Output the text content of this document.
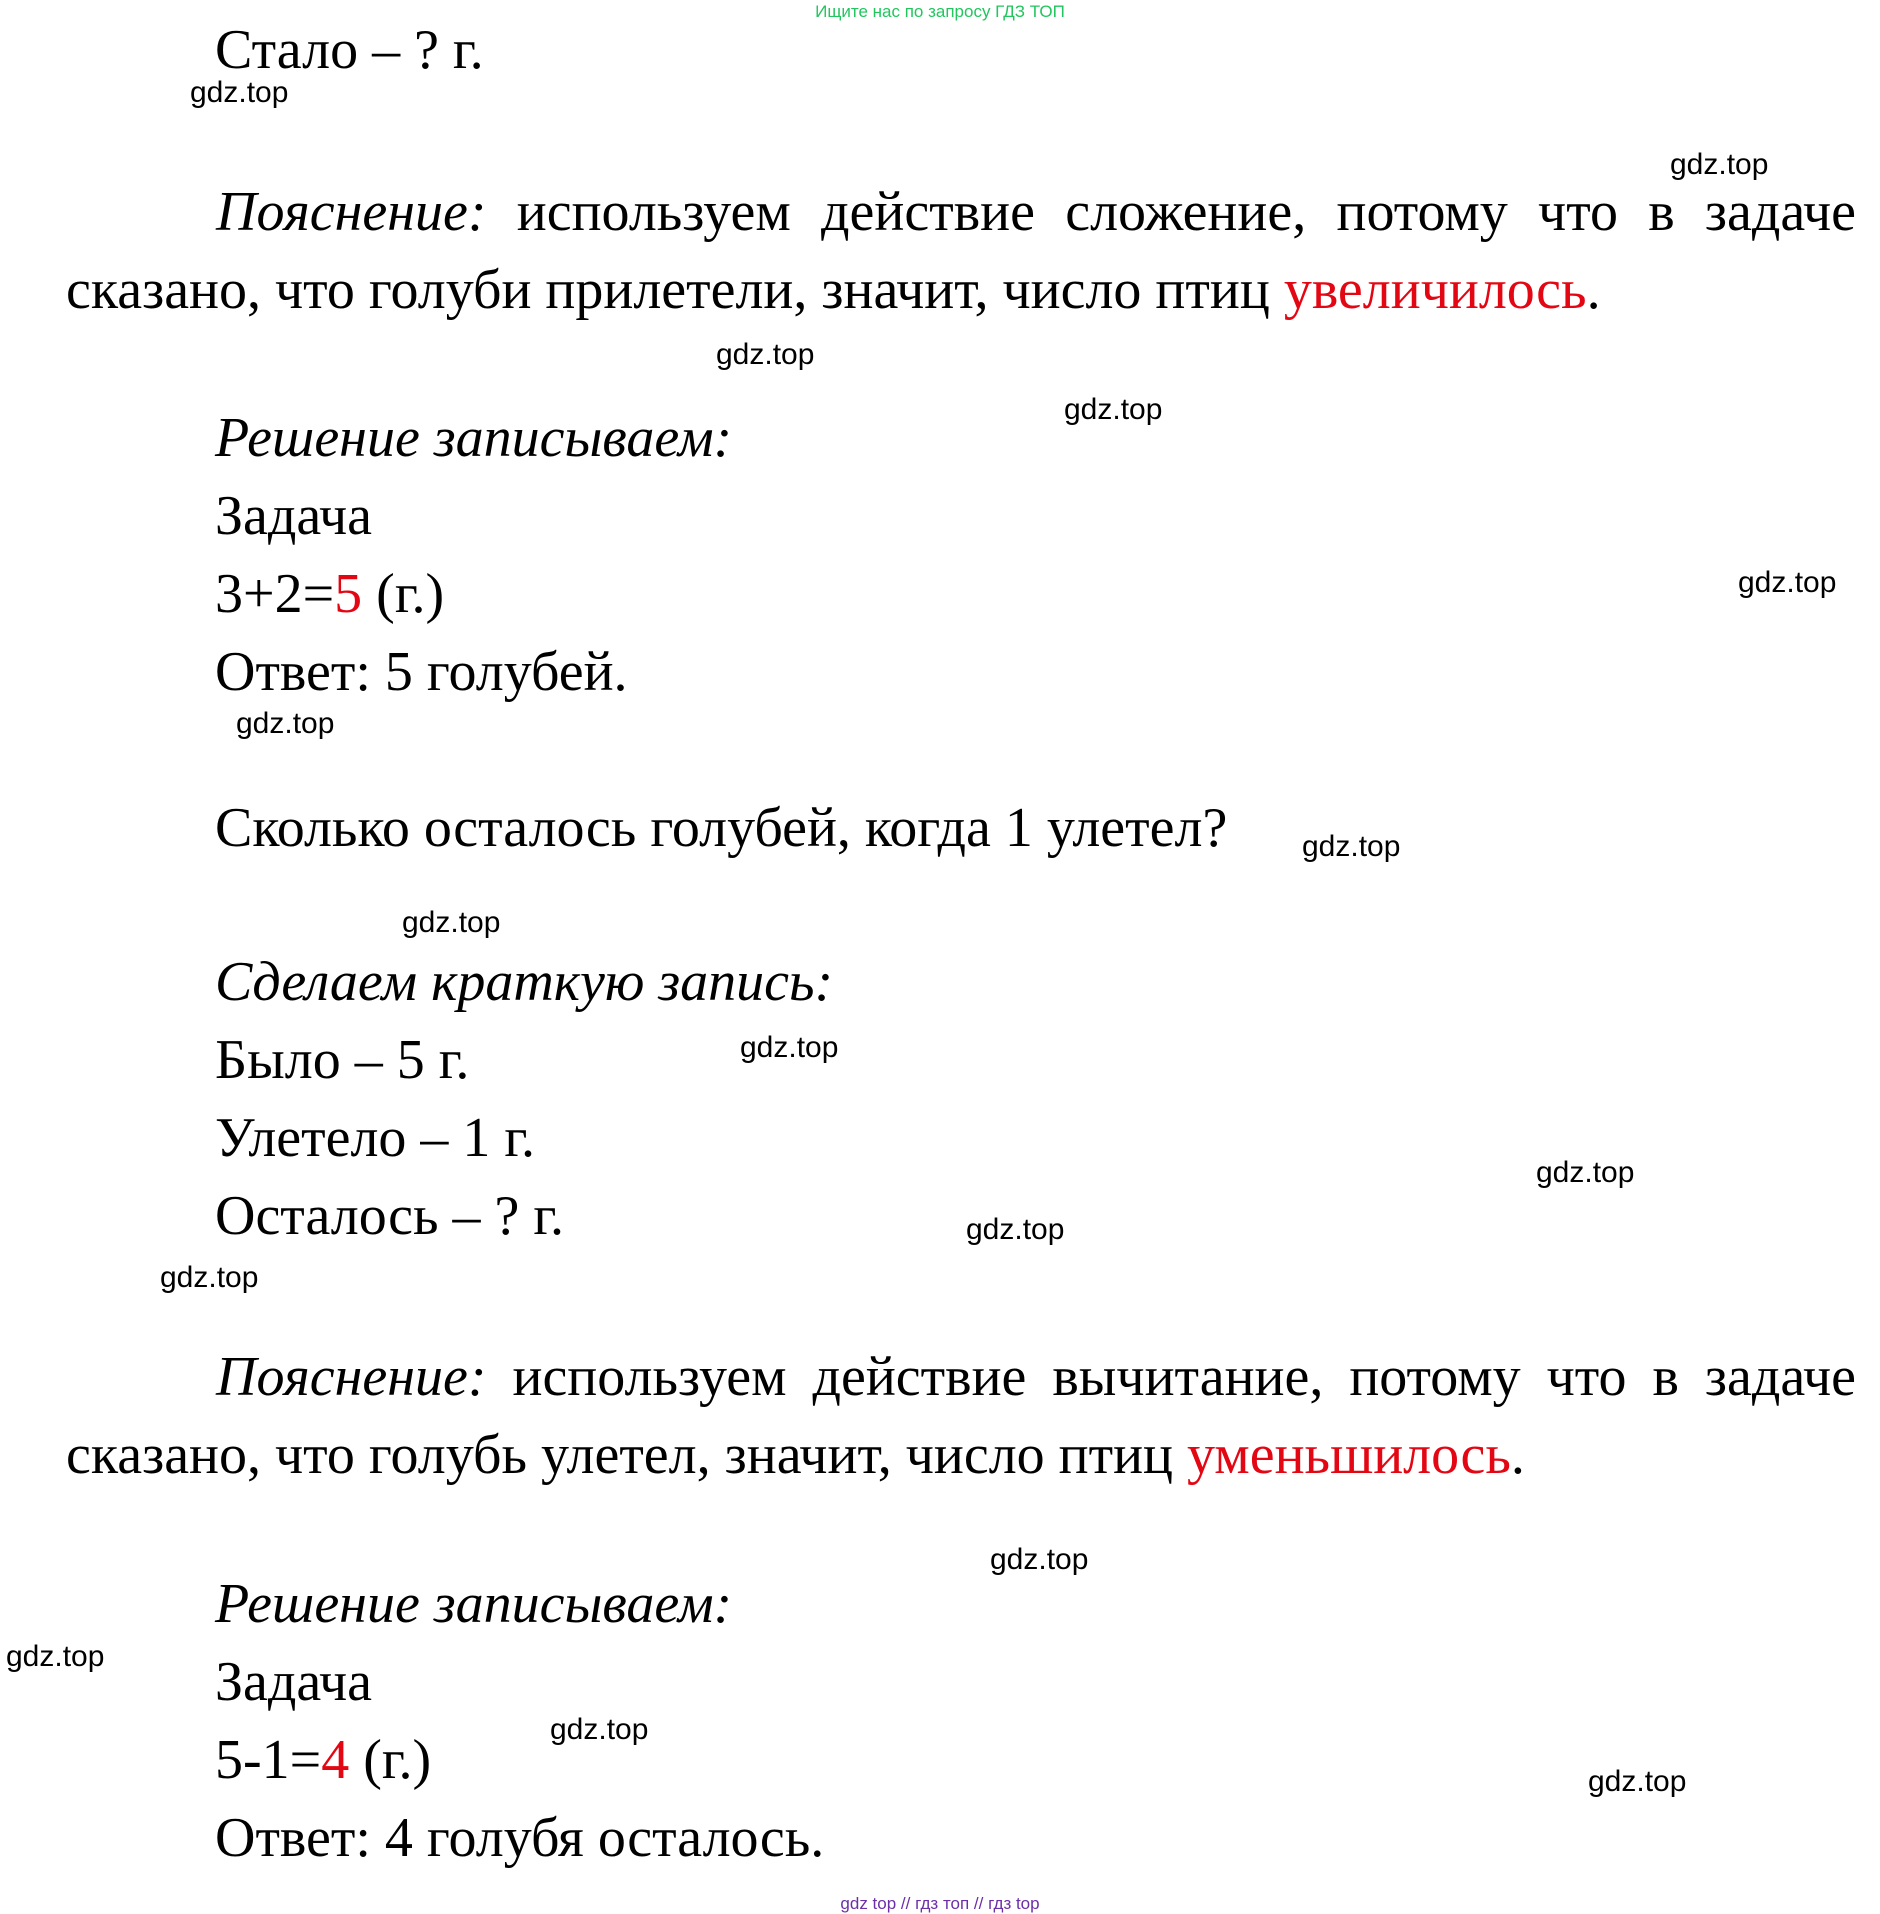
Ищите нас по запросу ГДЗ ТОП
Стало – ? г.
Пояснение: используем действие сложение, потому что в задаче сказано, что голуби прилетели, значит, число птиц увеличилось.
Решение записываем:
Задача
3+2=5 (г.)
Ответ: 5 голубей.
Сколько осталось голубей, когда 1 улетел?
Сделаем краткую запись:
Было – 5 г.
Улетело – 1 г.
Осталось – ? г.
Пояснение: используем действие вычитание, потому что в задаче сказано, что голубь улетел, значит, число птиц уменьшилось.
Решение записываем:
Задача
5-1=4 (г.)
Ответ: 4 голубя осталось.
gdz.top
gdz.top
gdz.top
gdz.top
gdz.top
gdz.top
gdz.top
gdz.top
gdz.top
gdz.top
gdz.top
gdz.top
gdz.top
gdz.top
gdz.top
gdz.top
gdz top // гдз топ // гдз top
